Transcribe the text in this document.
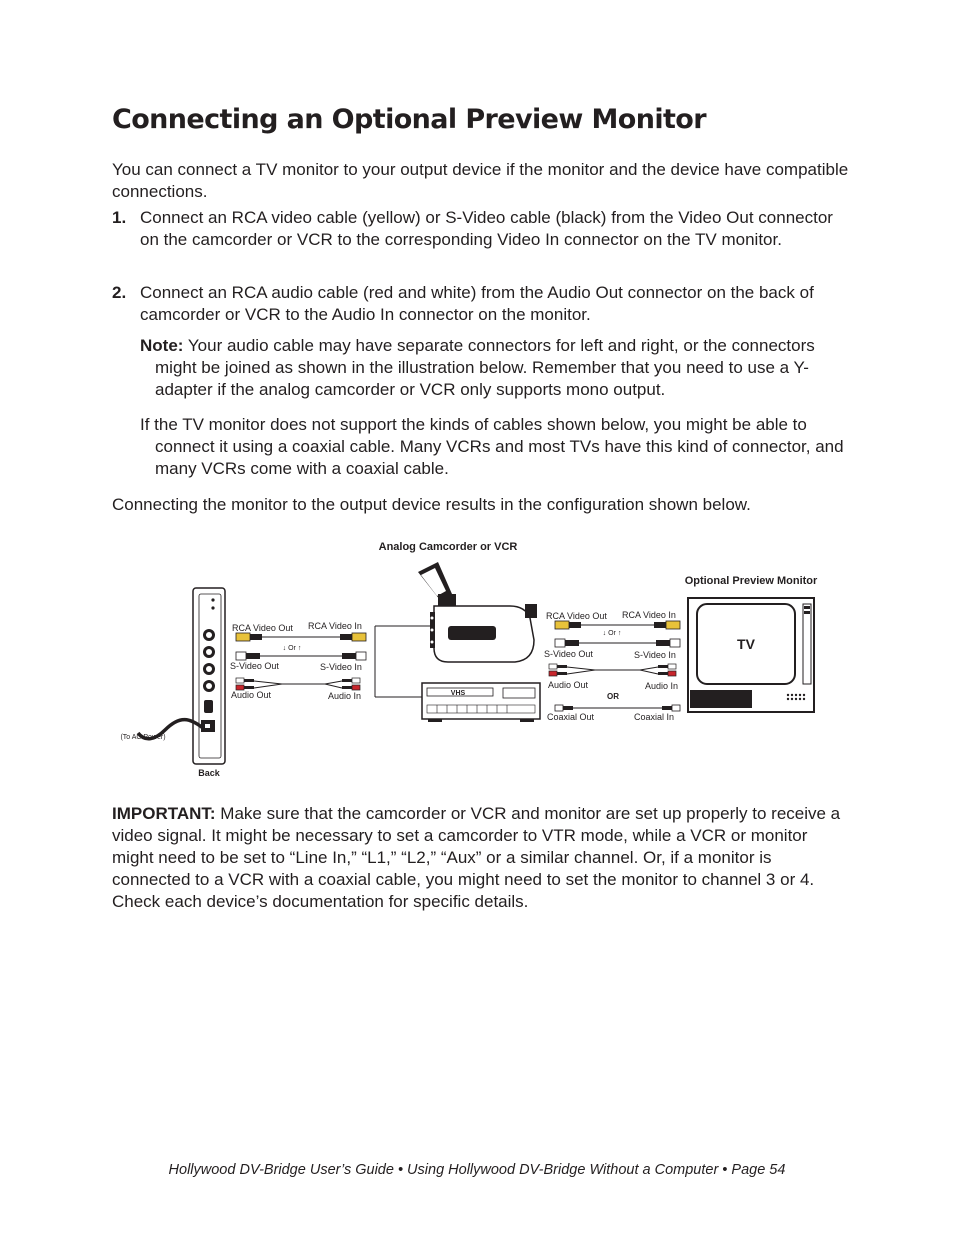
Connecting an Optional Preview Monitor

You can connect a TV monitor to your output device if the monitor and the device have compatible connections.

1. Connect an RCA video cable (yellow) or S-Video cable (black) from the Video Out connector on the camcorder or VCR to the corresponding Video In connector on the TV monitor.
2. Connect an RCA audio cable (red and white) from the Audio Out connector on the back of camcorder or VCR to the Audio In connector on the monitor.

Note: Your audio cable may have separate connectors for left and right, or the connectors might be joined as shown in the illustration below. Remember that you need to use a Y-adapter if the analog camcorder or VCR only supports mono output.

If the TV monitor does not support the kinds of cables shown below, you might be able to connect it using a coaxial cable. Many VCRs and most TVs have this kind of connector, and many VCRs come with a coaxial cable.

Connecting the monitor to the output device results in the configuration shown below.

Analog Camcorder or VCR
Optional Preview Monitor
(To AC Power)
Back
RCA Video Out RCA Video In
↓ Or ↑
S-Video Out	S-Video In
Audio Out	Audio In	VHS
RCA Video Out RCA Video In
↓ Or ↑
S-Video Out	S-Video In
Audio Out	Audio In
OR
Coaxial Out	Coaxial In
TV

IMPORTANT: Make sure that the camcorder or VCR and monitor are set up properly to receive a video signal. It might be necessary to set a camcorder to VTR mode, while a VCR or monitor might need to be set to “Line In,” “L1,” “L2,” “Aux” or a similar channel. Or, if a monitor is connected to a VCR with a coaxial cable, you might need to set the monitor to channel 3 or 4. Check each device’s documentation for specific details.

Hollywood DV-Bridge User’s Guide • Using Hollywood DV-Bridge Without a Computer • Page 54
